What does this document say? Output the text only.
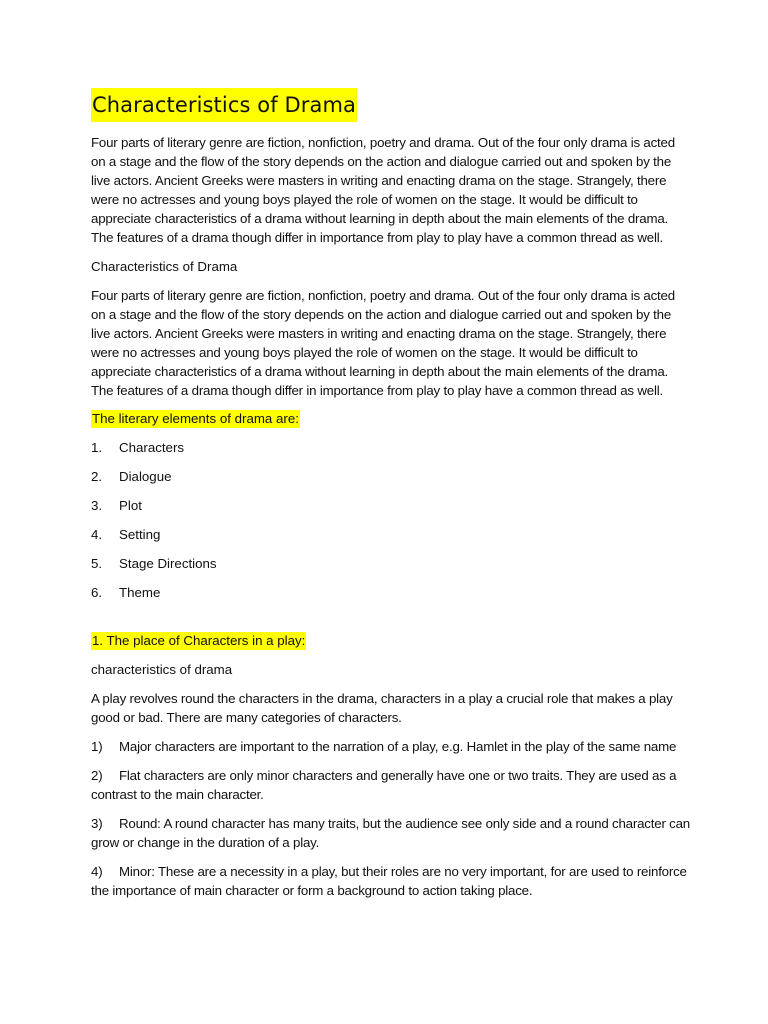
Characteristics of Drama
Four parts of literary genre are fiction, nonfiction, poetry and drama. Out of the four only drama is acted on a stage and the flow of the story depends on the action and dialogue carried out and spoken by the live actors. Ancient Greeks were masters in writing and enacting drama on the stage. Strangely, there were no actresses and young boys played the role of women on the stage. It would be difficult to appreciate characteristics of a drama without learning in depth about the main elements of the drama. The features of a drama though differ in importance from play to play have a common thread as well.
Characteristics of Drama
Four parts of literary genre are fiction, nonfiction, poetry and drama. Out of the four only drama is acted on a stage and the flow of the story depends on the action and dialogue carried out and spoken by the live actors. Ancient Greeks were masters in writing and enacting drama on the stage. Strangely, there were no actresses and young boys played the role of women on the stage. It would be difficult to appreciate characteristics of a drama without learning in depth about the main elements of the drama. The features of a drama though differ in importance from play to play have a common thread as well.
The literary elements of drama are:
1.	Characters
2.	Dialogue
3.	Plot
4.	Setting
5.	Stage Directions
6.	Theme
1. The place of Characters in a play:
characteristics of drama
A play revolves round the characters in the drama, characters in a play a crucial role that makes a play good or bad. There are many categories of characters.
1) Major characters are important to the narration of a play, e.g. Hamlet in the play of the same name
2) Flat characters are only minor characters and generally have one or two traits. They are used as a contrast to the main character.
3) Round: A round character has many traits, but the audience see only side and a round character can grow or change in the duration of a play.
4) Minor: These are a necessity in a play, but their roles are no very important, for are used to reinforce the importance of main character or form a background to action taking place.
